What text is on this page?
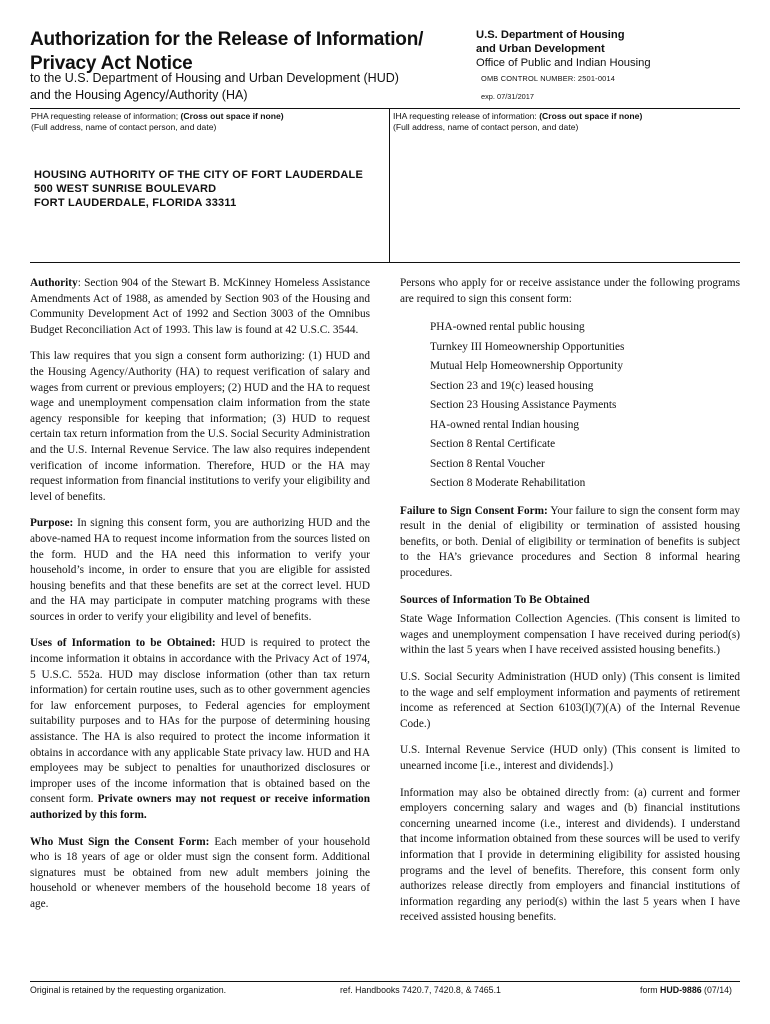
Authorization for the Release of Information/
Privacy Act Notice
to the U.S. Department of Housing and Urban Development (HUD)
and the Housing Agency/Authority (HA)
U.S. Department of Housing
and Urban Development
Office of Public and Indian Housing
OMB CONTROL NUMBER: 2501-0014
exp. 07/31/2017
PHA requesting release of information; (Cross out space if none)
(Full address, name of contact person, and date)
HOUSING AUTHORITY OF THE CITY OF FORT LAUDERDALE
500 WEST SUNRISE BOULEVARD
FORT LAUDERDALE, FLORIDA 33311
IHA requesting release of information: (Cross out space if none)
(Full address, name of contact person, and date)

Authority: Section 904 of the Stewart B. McKinney Homeless Assistance Amendments Act of 1988, as amended by Section 903 of the Housing and Community Development Act of 1992 and Section 3003 of the Omnibus Budget Reconciliation Act of 1993. This law is found at 42 U.S.C. 3544.

This law requires that you sign a consent form authorizing: (1) HUD and the Housing Agency/Authority (HA) to request verification of salary and wages from current or previous employers; (2) HUD and the HA to request wage and unemployment compensation claim information from the state agency responsible for keeping that information; (3) HUD to request certain tax return information from the U.S. Social Security Administration and the U.S. Internal Revenue Service. The law also requires independent verification of income information. Therefore, HUD or the HA may request information from financial institutions to verify your eligibility and level of benefits.

Purpose: In signing this consent form, you are authorizing HUD and the above-named HA to request income information from the sources listed on the form. HUD and the HA need this information to verify your household’s income, in order to ensure that you are eligible for assisted housing benefits and that these benefits are set at the correct level. HUD and the HA may participate in computer matching programs with these sources in order to verify your eligibility and level of benefits.

Uses of Information to be Obtained: HUD is required to protect the income information it obtains in accordance with the Privacy Act of 1974, 5 U.S.C. 552a. HUD may disclose information (other than tax return information) for certain routine uses, such as to other government agencies for law enforcement purposes, to Federal agencies for employment suitability purposes and to HAs for the purpose of determining housing assistance. The HA is also required to protect the income information it obtains in accordance with any applicable State privacy law. HUD and HA employees may be subject to penalties for unauthorized disclosures or improper uses of the income information that is obtained based on the consent form. Private owners may not request or receive information authorized by this form.

Who Must Sign the Consent Form: Each member of your household who is 18 years of age or older must sign the consent form. Additional signatures must be obtained from new adult members joining the household or whenever members of the household become 18 years of age.

Persons who apply for or receive assistance under the following programs are required to sign this consent form:

PHA-owned rental public housing
Turnkey III Homeownership Opportunities
Mutual Help Homeownership Opportunity
Section 23 and 19(c) leased housing
Section 23 Housing Assistance Payments
HA-owned rental Indian housing
Section 8 Rental Certificate
Section 8 Rental Voucher
Section 8 Moderate Rehabilitation

Failure to Sign Consent Form: Your failure to sign the consent form may result in the denial of eligibility or termination of assisted housing benefits, or both. Denial of eligibility or termination of benefits is subject to the HA’s grievance procedures and Section 8 informal hearing procedures.

Sources of Information To Be Obtained

State Wage Information Collection Agencies. (This consent is limited to wages and unemployment compensation I have received during period(s) within the last 5 years when I have received assisted housing benefits.)

U.S. Social Security Administration (HUD only) (This consent is limited to the wage and self employment information and payments of retirement income as referenced at Section 6103(l)(7)(A) of the Internal Revenue Code.)

U.S. Internal Revenue Service (HUD only) (This consent is limited to unearned income [i.e., interest and dividends].)

Information may also be obtained directly from: (a) current and former employers concerning salary and wages and (b) financial institutions concerning unearned income (i.e., interest and dividends). I understand that income information obtained from these sources will be used to verify information that I provide in determining eligibility for assisted housing programs and the level of benefits. Therefore, this consent form only authorizes release directly from employers and financial institutions of information regarding any period(s) within the last 5 years when I have received assisted housing benefits.

Original is retained by the requesting organization.	ref. Handbooks 7420.7, 7420.8, & 7465.1	form HUD-9886 (07/14)
